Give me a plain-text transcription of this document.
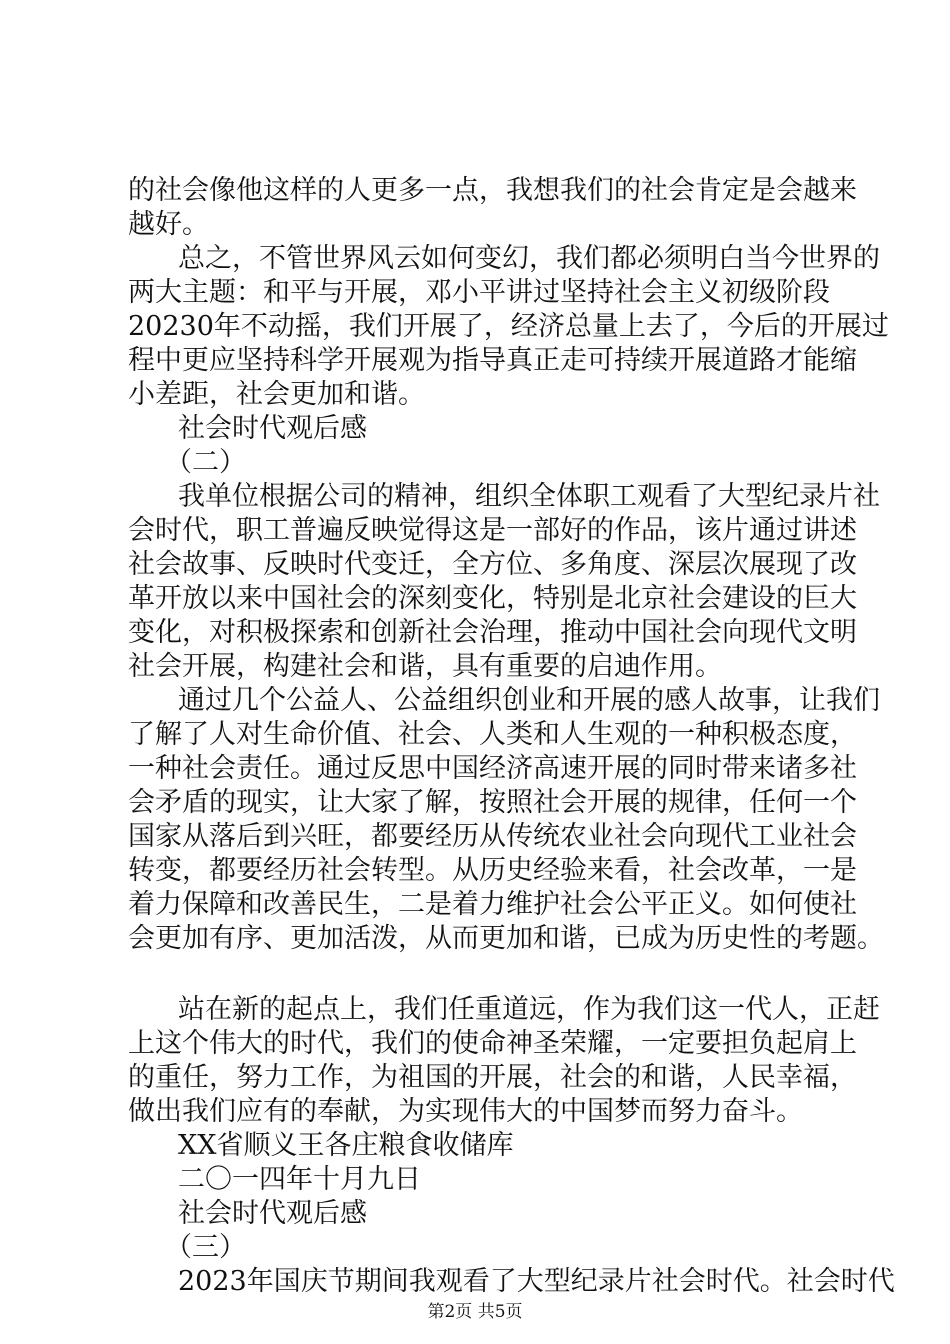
的社会像他这样的人更多一点，我想我们的社会肯定是会越来
越好。
总之，不管世界风云如何变幻，我们都必须明白当今世界的
两大主题：和平与开展，邓小平讲过坚持社会主义初级阶段
20230年不动摇，我们开展了，经济总量上去了，今后的开展过
程中更应坚持科学开展观为指导真正走可持续开展道路才能缩
小差距，社会更加和谐。
社会时代观后感
（二）
我单位根据公司的精神，组织全体职工观看了大型纪录片社
会时代，职工普遍反映觉得这是一部好的作品，该片通过讲述
社会故事、反映时代变迁，全方位、多角度、深层次展现了改
革开放以来中国社会的深刻变化，特别是北京社会建设的巨大
变化，对积极探索和创新社会治理，推动中国社会向现代文明
社会开展，构建社会和谐，具有重要的启迪作用。
通过几个公益人、公益组织创业和开展的感人故事，让我们
了解了人对生命价值、社会、人类和人生观的一种积极态度，
一种社会责任。通过反思中国经济高速开展的同时带来诸多社
会矛盾的现实，让大家了解，按照社会开展的规律，任何一个
国家从落后到兴旺，都要经历从传统农业社会向现代工业社会
转变，都要经历社会转型。从历史经验来看，社会改革，一是
着力保障和改善民生，二是着力维护社会公平正义。如何使社
会更加有序、更加活泼，从而更加和谐，已成为历史性的考题。
站在新的起点上，我们任重道远，作为我们这一代人，正赶
上这个伟大的时代，我们的使命神圣荣耀，一定要担负起肩上
的重任，努力工作，为祖国的开展，社会的和谐，人民幸福，
做出我们应有的奉献，为实现伟大的中国梦而努力奋斗。
XX省顺义王各庄粮食收储库
二〇一四年十月九日
社会时代观后感
（三）
2023年国庆节期间我观看了大型纪录片社会时代。社会时代
第2页 共5页
